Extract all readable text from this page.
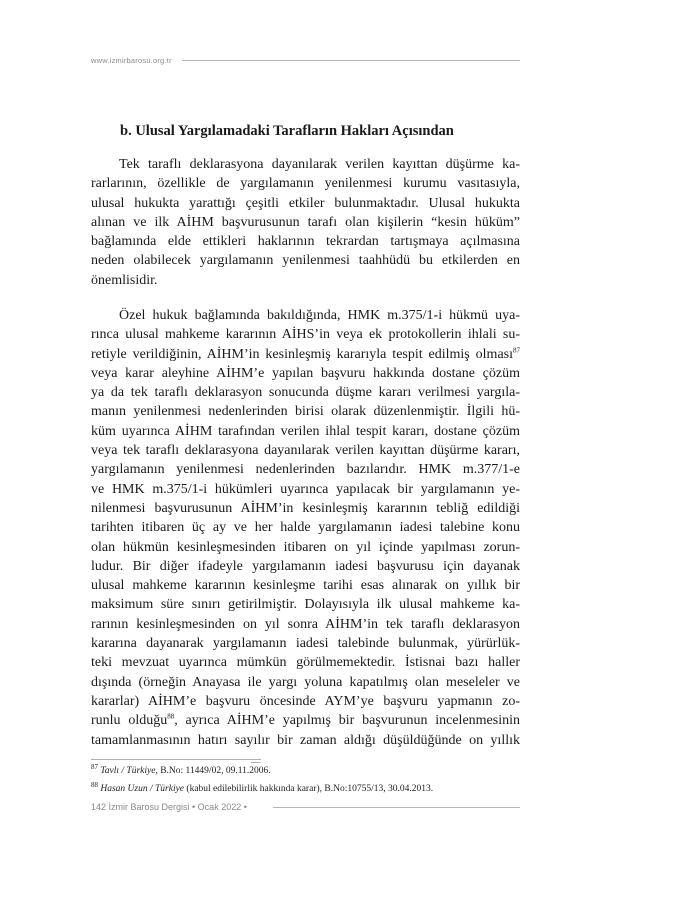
www.izmirbarosu.org.tr
b. Ulusal Yargılamadaki Tarafların Hakları Açısından
Tek taraflı deklarasyona dayanılarak verilen kayıttan düşürme ka-
rarlarının, özellikle de yargılamanın yenilenmesi kurumu vasıtasıyla,
ulusal hukukta yarattığı çeşitli etkiler bulunmaktadır. Ulusal hukukta
alınan ve ilk AİHM başvurusunun tarafı olan kişilerin “kesin hüküm”
bağlamında elde ettikleri haklarının tekrardan tartışmaya açılmasına
neden olabilecek yargılamanın yenilenmesi taahhüdü bu etkilerden en
önemlisidir.
Özel hukuk bağlamında bakıldığında, HMK m.375/1-i hükmü uya-
rınca ulusal mahkeme kararının AİHS’in veya ek protokollerin ihlali su-
retiyle verildiğinin, AİHM’in kesinleşmiş kararıyla tespit edilmiş olması$^{87}$
veya karar aleyhine AİHM’e yapılan başvuru hakkında dostane çözüm
ya da tek taraflı deklarasyon sonucunda düşme kararı verilmesi yargıla-
manın yenilenmesi nedenlerinden birisi olarak düzenlenmiştir. İlgili hü-
küm uyarınca AİHM tarafından verilen ihlal tespit kararı, dostane çözüm
veya tek taraflı deklarasyona dayanılarak verilen kayıttan düşürme kararı,
yargılamanın yenilenmesi nedenlerinden bazılarıdır. HMK m.377/1-e
ve HMK m.375/1-i hükümleri uyarınca yapılacak bir yargılamanın ye-
nilenmesi başvurusunun AİHM’in kesinleşmiş kararının tebliğ edildiği
tarihten itibaren üç ay ve her halde yargılamanın iadesi talebine konu
olan hükmün kesinleşmesinden itibaren on yıl içinde yapılması zorun-
ludur. Bir diğer ifadeyle yargılamanın iadesi başvurusu için dayanak
ulusal mahkeme kararının kesinleşme tarihi esas alınarak on yıllık bir
maksimum süre sınırı getirilmiştir. Dolayısıyla ilk ulusal mahkeme ka-
rarının kesinleşmesinden on yıl sonra AİHM’in tek taraflı deklarasyon
kararına dayanarak yargılamanın iadesi talebinde bulunmak, yürürlük-
teki mevzuat uyarınca mümkün görülmemektedir. İstisnai bazı haller
dışında (örneğin Anayasa ile yargı yoluna kapatılmış olan meseleler ve
kararlar) AİHM’e başvuru öncesinde AYM’ye başvuru yapmanın zo-
runlu olduğu$^{88}$, ayrıca AİHM’e yapılmış bir başvurunun incelenmesinin
tamamlanmasının hatırı sayılır bir zaman aldığı düşüldüğünde on yıllık
$^{87}$ Tavlı / Türkiye, B.No: 11449/02, 09.11.2006.
$^{88}$ Hasan Uzun / Türkiye (kabul edilebilirlik hakkında karar), B.No:10755/13, 30.04.2013.
142 İzmir Barosu Dergisi • Ocak 2022 •
